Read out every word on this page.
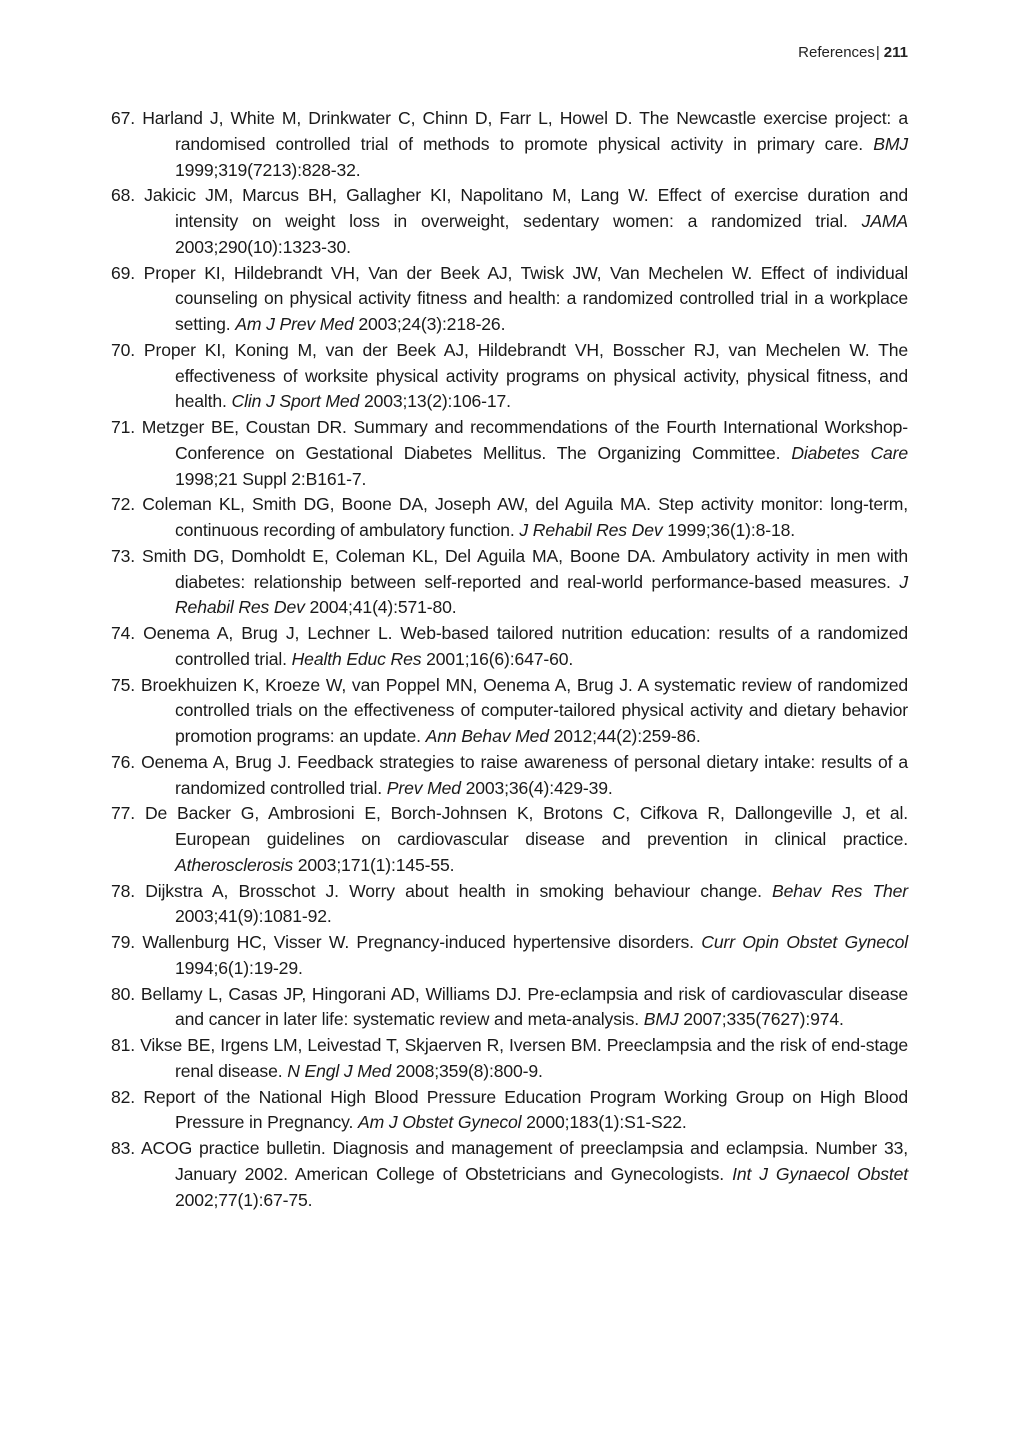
References| 211
67. Harland J, White M, Drinkwater C, Chinn D, Farr L, Howel D. The Newcastle exercise project: a randomised controlled trial of methods to promote physical activity in primary care. BMJ 1999;319(7213):828-32.
68. Jakicic JM, Marcus BH, Gallagher KI, Napolitano M, Lang W. Effect of exercise duration and intensity on weight loss in overweight, sedentary women: a randomized trial. JAMA 2003;290(10):1323-30.
69. Proper KI, Hildebrandt VH, Van der Beek AJ, Twisk JW, Van Mechelen W. Effect of individual counseling on physical activity fitness and health: a randomized controlled trial in a workplace setting. Am J Prev Med 2003;24(3):218-26.
70. Proper KI, Koning M, van der Beek AJ, Hildebrandt VH, Bosscher RJ, van Mechelen W. The effectiveness of worksite physical activity programs on physical activity, physical fitness, and health. Clin J Sport Med 2003;13(2):106-17.
71. Metzger BE, Coustan DR. Summary and recommendations of the Fourth International Workshop-Conference on Gestational Diabetes Mellitus. The Organizing Committee. Diabetes Care 1998;21 Suppl 2:B161-7.
72. Coleman KL, Smith DG, Boone DA, Joseph AW, del Aguila MA. Step activity monitor: long-term, continuous recording of ambulatory function. J Rehabil Res Dev 1999;36(1):8-18.
73. Smith DG, Domholdt E, Coleman KL, Del Aguila MA, Boone DA. Ambulatory activity in men with diabetes: relationship between self-reported and real-world performance-based measures. J Rehabil Res Dev 2004;41(4):571-80.
74. Oenema A, Brug J, Lechner L. Web-based tailored nutrition education: results of a randomized controlled trial. Health Educ Res 2001;16(6):647-60.
75. Broekhuizen K, Kroeze W, van Poppel MN, Oenema A, Brug J. A systematic review of randomized controlled trials on the effectiveness of computer-tailored physical activity and dietary behavior promotion programs: an update. Ann Behav Med 2012;44(2):259-86.
76. Oenema A, Brug J. Feedback strategies to raise awareness of personal dietary intake: results of a randomized controlled trial. Prev Med 2003;36(4):429-39.
77. De Backer G, Ambrosioni E, Borch-Johnsen K, Brotons C, Cifkova R, Dallongeville J, et al. European guidelines on cardiovascular disease and prevention in clinical practice. Atherosclerosis 2003;171(1):145-55.
78. Dijkstra A, Brosschot J. Worry about health in smoking behaviour change. Behav Res Ther 2003;41(9):1081-92.
79. Wallenburg HC, Visser W. Pregnancy-induced hypertensive disorders. Curr Opin Obstet Gynecol 1994;6(1):19-29.
80. Bellamy L, Casas JP, Hingorani AD, Williams DJ. Pre-eclampsia and risk of cardiovascular disease and cancer in later life: systematic review and meta-analysis. BMJ 2007;335(7627):974.
81. Vikse BE, Irgens LM, Leivestad T, Skjaerven R, Iversen BM. Preeclampsia and the risk of end-stage renal disease. N Engl J Med 2008;359(8):800-9.
82. Report of the National High Blood Pressure Education Program Working Group on High Blood Pressure in Pregnancy. Am J Obstet Gynecol 2000;183(1):S1-S22.
83. ACOG practice bulletin. Diagnosis and management of preeclampsia and eclampsia. Number 33, January 2002. American College of Obstetricians and Gynecologists. Int J Gynaecol Obstet 2002;77(1):67-75.
